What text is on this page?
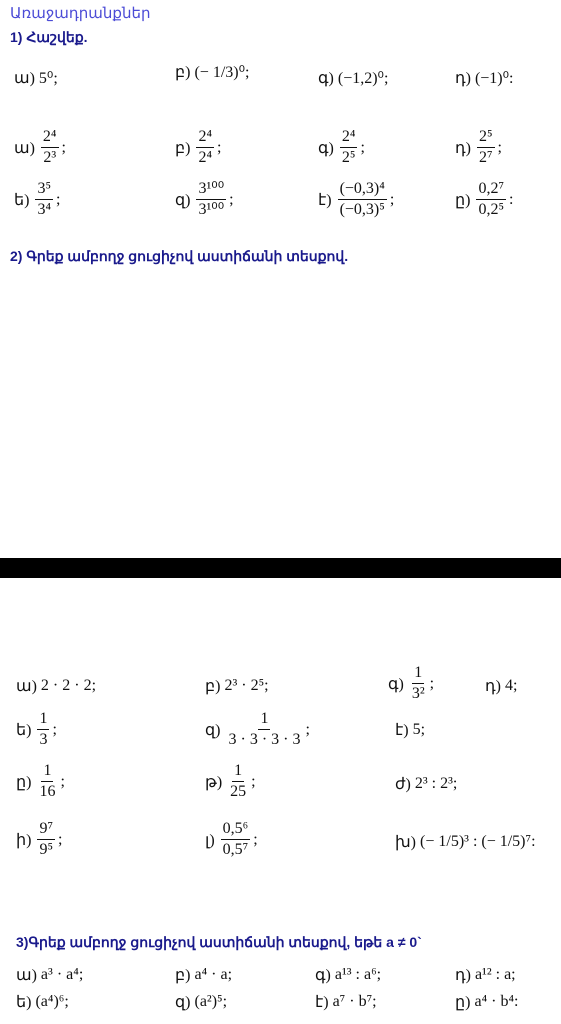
Առաջադրանքներ
1) Հաշվեք.
ա) 5⁰;	բ) (− 1/3)⁰;	գ) (−1,2)⁰;	դ) (−1)⁰:
ա) $\frac{\text{2⁴}}{\text{2³}}$ ;	բ) $\frac{\text{2⁴}}{\text{2⁴}}$ ;	գ) $\frac{\text{2⁴}}{\text{2⁵}}$ ;	դ) $\frac{\text{2⁵}}{\text{2⁷}}$ ;
ե) $\frac{\text{3⁵}}{\text{3⁴}}$ ;	զ) $\frac{\text{3¹⁰⁰}}{\text{3¹⁰⁰}}$ ;	է) $\frac{\text{(−0,3)⁴}}{\text{(−0,3)⁵}}$ ;	ը) $\frac{\text{0,2⁷}}{\text{0,2⁵}}$ :
2) Գրեք ամբողջ ցուցիչով աստիճանի տեսքով.
ա) 2 · 2 · 2;	բ) 2³ · 2⁵;	գ) $\frac{1}{\text{3²}}$ ;	դ) 4;
ե) $\frac{1}{3}$ ;	զ) $\frac{1}{3 \cdot 3 \cdot 3 \cdot 3}$ ;	է) 5;
ը) $\frac{1}{16}$ ;	թ) $\frac{1}{25}$ ;	ժ) 2³ : 2³;
ի) $\frac{\text{9⁷}}{\text{9⁵}}$ ;	լ) $\frac{\text{0,5⁶}}{\text{0,5⁷}}$ ;	խ) (− 1/5)³ : (− 1/5)⁷:
3)Գրեք ամբողջ ցուցիչով աստիճանի տեսքով, եթե a ≠ 0`
ա) a³ · a⁴;	բ) a⁴ · a;	գ) a¹³ : a⁶;	դ) a¹² : a;
ե) (a⁴)⁶;	զ) (a²)⁵;	է) a⁷ · b⁷;	ը) a⁴ · b⁴:
